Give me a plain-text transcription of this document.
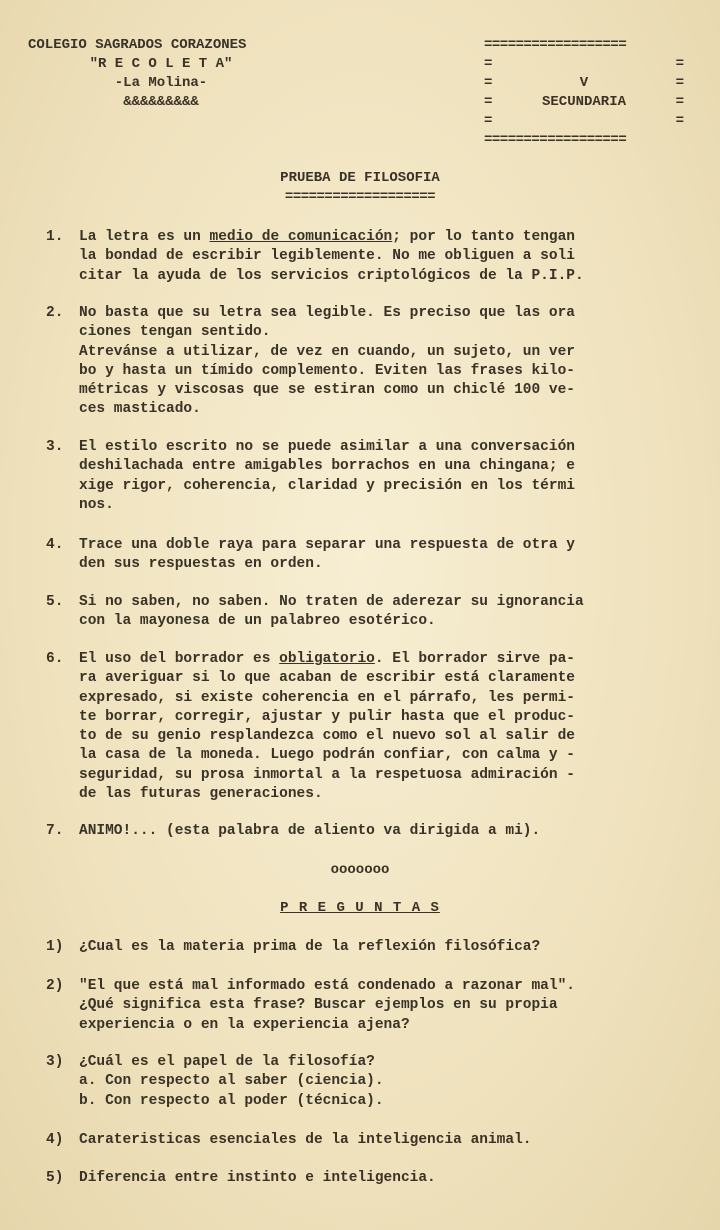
COLEGIO SAGRADOS CORAZONES
"R E C O L E T A"
-La Molina-
&&&&&&&&&
==================
=	=
=	V	=
=	SECUNDARIA	=
=	=
==================
PRUEBA DE FILOSOFIA
===================
1.	La letra es un medio de comunicación; por lo tanto tengan
la bondad de escribir legiblemente. No me obliguen a soli
citar la ayuda de los servicios criptológicos de la P.I.P.
2.	No basta que su letra sea legible. Es preciso que las ora
ciones tengan sentido.
Atrevánse a utilizar, de vez en cuando, un sujeto, un ver
bo y hasta un tímido complemento. Eviten las frases kilo-
métricas y viscosas que se estiran como un chiclé 100 ve-
ces masticado.
3.	El estilo escrito no se puede asimilar a una conversación
deshilachada entre amigables borrachos en una chingana; e
xige rigor, coherencia, claridad y precisión en los térmi
nos.
4.	Trace una doble raya para separar una respuesta de otra y
den sus respuestas en orden.
5.	Si no saben, no saben. No traten de aderezar su ignorancia
con la mayonesa de un palabreo esotérico.
6.	El uso del borrador es obligatorio. El borrador sirve pa-
ra averiguar si lo que acaban de escribir está claramente
expresado, si existe coherencia en el párrafo, les permi-
te borrar, corregir, ajustar y pulir hasta que el produc-
to de su genio resplandezca como el nuevo sol al salir de
la casa de la moneda. Luego podrán confiar, con calma y -
seguridad, su prosa inmortal a la respetuosa admiración -
de las futuras generaciones.
7.	ANIMO!... (esta palabra de aliento va dirigida a mi).
ooooooo
P R E G U N T A S
1)	¿Cual es la materia prima de la reflexión filosófica?
2)	"El que está mal informado está condenado a razonar mal".
¿Qué significa esta frase? Buscar ejemplos en su propia
experiencia o en la experiencia ajena?
3)	¿Cuál es el papel de la filosofía?
a. Con respecto al saber (ciencia).
b. Con respecto al poder (técnica).
4)	Carateristicas esenciales de la inteligencia animal.
5)	Diferencia entre instinto e inteligencia.
